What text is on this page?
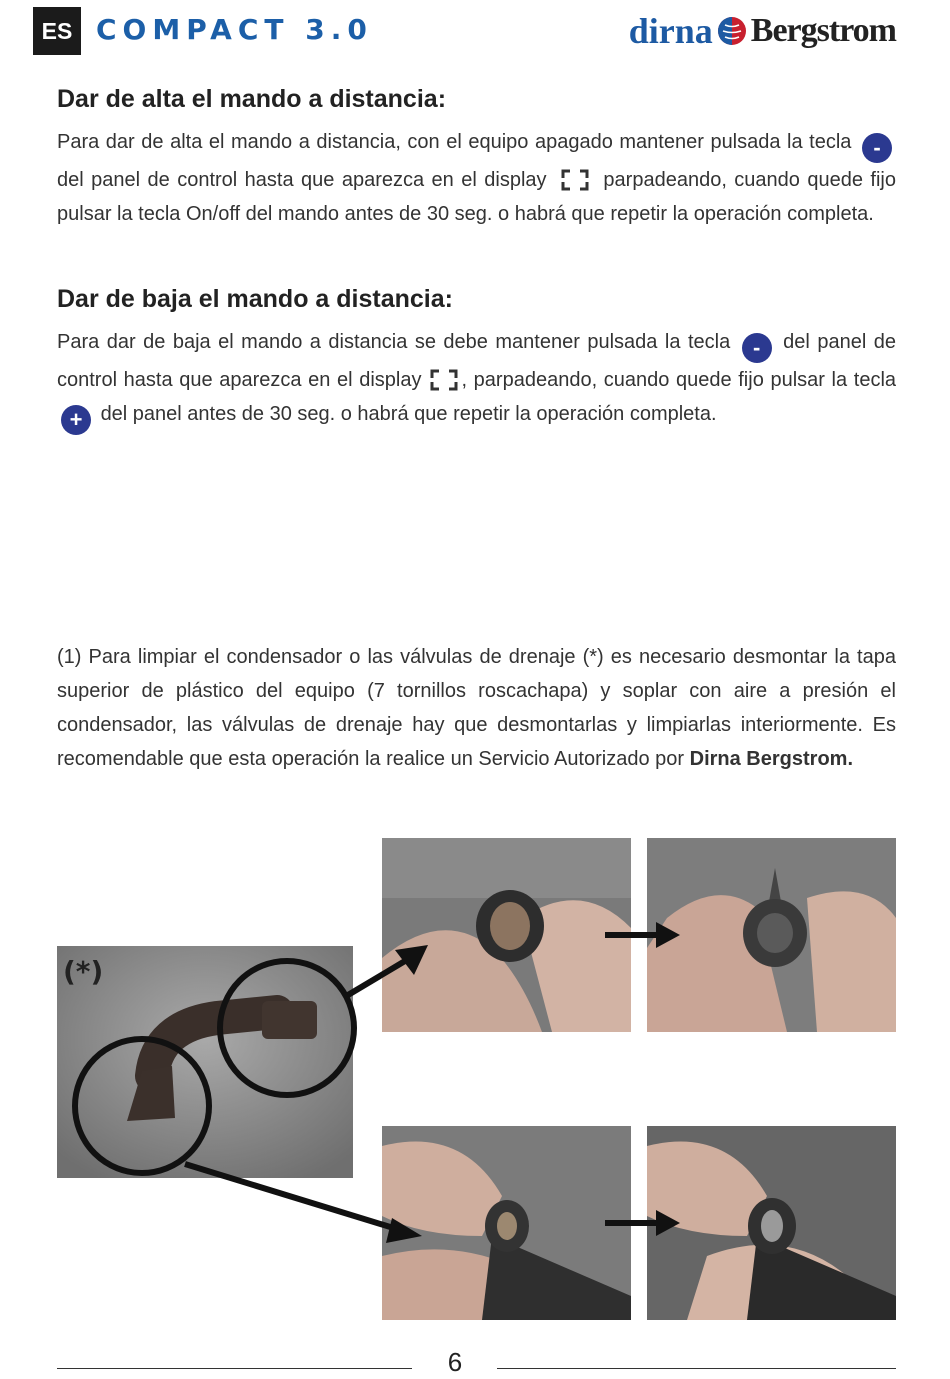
ES COMPACT 3.0	dirna Bergstrom
Dar de alta el mando a distancia:

Para dar de alta el mando a distancia, con el equipo apagado mantener pulsada la tecla - del panel de control hasta que aparezca en el display	parpadeando, cuando quede fijo pulsar la tecla On/off del mando antes de 30 seg. o habrá que repetir la operación completa.

Dar de baja el mando a distancia:

Para dar de baja el mando a distancia se debe mantener pulsada la tecla - del panel de control hasta que aparezca en el display , parpadeando, cuando quede fijo pulsar la tecla + del panel antes de 30 seg. o habrá que repetir la operación completa.

(1) Para limpiar el condensador o las válvulas de drenaje (*) es necesario desmontar la tapa superior de plástico del equipo (7 tornillos roscachapa) y soplar con aire a presión el condensador, las válvulas de drenaje hay que desmontarlas y limpiarlas interiormente. Es recomendable que esta operación la realice un Servicio Autorizado por Dirna Bergstrom.

(*)
6
